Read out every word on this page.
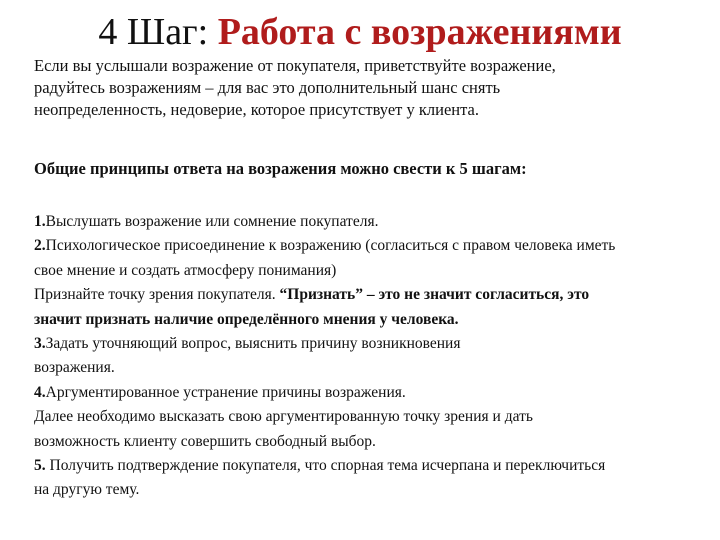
4 Шаг: Работа с возражениями

Если вы услышали возражение от покупателя, приветствуйте возражение,

радуйтесь возражениям – для вас это дополнительный шанс снять

неопределенность, недоверие, которое присутствует у клиента.

Общие принципы ответа на возражения можно свести к 5 шагам:
1.Выслушать возражение или сомнение покупателя.
2.Психологическое присоединение к возражению (согласиться с правом человека иметь
свое мнение и создать атмосферу понимания)
Признайте точку зрения покупателя. “Признать” – это не значит согласиться, это
значит признать наличие определённого мнения у человека.
3.Задать уточняющий вопрос, выяснить причину возникновения
возражения.
4.Аргументированное устранение причины возражения.
Далее необходимо высказать свою аргументированную точку зрения и дать
возможность клиенту совершить свободный выбор.
5. Получить подтверждение покупателя, что спорная тема исчерпана и переключиться
на другую тему.
